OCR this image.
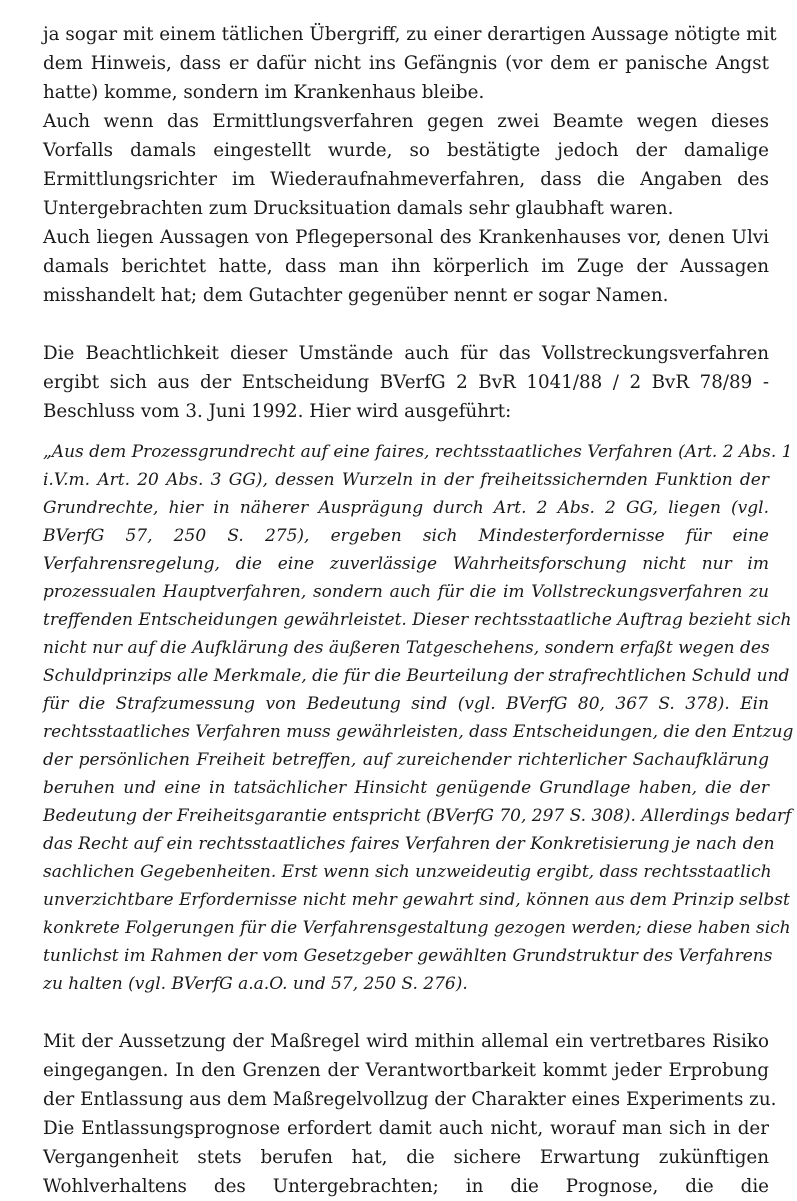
ja sogar mit einem tätlichen Übergriff, zu einer derartigen Aussage nötigte mit
dem Hinweis, dass er dafür nicht ins Gefängnis (vor dem er panische Angst
hatte) komme, sondern im Krankenhaus bleibe.
Auch wenn das Ermittlungsverfahren gegen zwei Beamte wegen dieses
Vorfalls damals eingestellt wurde, so bestätigte jedoch der damalige
Ermittlungsrichter im Wiederaufnahmeverfahren, dass die Angaben des
Untergebrachten zum Drucksituation damals sehr glaubhaft waren.
Auch liegen Aussagen von Pflegepersonal des Krankenhauses vor, denen Ulvi
damals berichtet hatte, dass man ihn körperlich im Zuge der Aussagen
misshandelt hat; dem Gutachter gegenüber nennt er sogar Namen.
Die Beachtlichkeit dieser Umstände auch für das Vollstreckungsverfahren
ergibt sich aus der Entscheidung BVerfG 2 BvR 1041/88 / 2 BvR 78/89 -
Beschluss vom 3. Juni 1992. Hier wird ausgeführt:
„Aus dem Prozessgrundrecht auf eine faires, rechtsstaatliches Verfahren (Art. 2 Abs. 1
i.V.m. Art. 20 Abs. 3 GG), dessen Wurzeln in der freiheitssichernden Funktion der
Grundrechte, hier in näherer Ausprägung durch Art. 2 Abs. 2 GG, liegen (vgl.
BVerfG 57, 250 S. 275), ergeben sich Mindesterfordernisse für eine
Verfahrensregelung, die eine zuverlässige Wahrheitsforschung nicht nur im
prozessualen Hauptverfahren, sondern auch für die im Vollstreckungsverfahren zu
treffenden Entscheidungen gewährleistet. Dieser rechtsstaatliche Auftrag bezieht sich
nicht nur auf die Aufklärung des äußeren Tatgeschehens, sondern erfaßt wegen des
Schuldprinzips alle Merkmale, die für die Beurteilung der strafrechtlichen Schuld und
für die Strafzumessung von Bedeutung sind (vgl. BVerfG 80, 367 S. 378). Ein
rechtsstaatliches Verfahren muss gewährleisten, dass Entscheidungen, die den Entzug
der persönlichen Freiheit betreffen, auf zureichender richterlicher Sachaufklärung
beruhen und eine in tatsächlicher Hinsicht genügende Grundlage haben, die der
Bedeutung der Freiheitsgarantie entspricht (BVerfG 70, 297 S. 308). Allerdings bedarf
das Recht auf ein rechtsstaatliches faires Verfahren der Konkretisierung je nach den
sachlichen Gegebenheiten. Erst wenn sich unzweideutig ergibt, dass rechtsstaatlich
unverzichtbare Erfordernisse nicht mehr gewahrt sind, können aus dem Prinzip selbst
konkrete Folgerungen für die Verfahrensgestaltung gezogen werden; diese haben sich
tunlichst im Rahmen der vom Gesetzgeber gewählten Grundstruktur des Verfahrens
zu halten (vgl. BVerfG a.a.O. und 57, 250 S. 276).
Mit der Aussetzung der Maßregel wird mithin allemal ein vertretbares Risiko
eingegangen. In den Grenzen der Verantwortbarkeit kommt jeder Erprobung
der Entlassung aus dem Maßregelvollzug der Charakter eines Experiments zu.
Die Entlassungsprognose erfordert damit auch nicht, worauf man sich in der
Vergangenheit stets berufen hat, die sichere Erwartung zukünftigen
Wohlverhaltens des Untergebrachten; in die Prognose, die die
